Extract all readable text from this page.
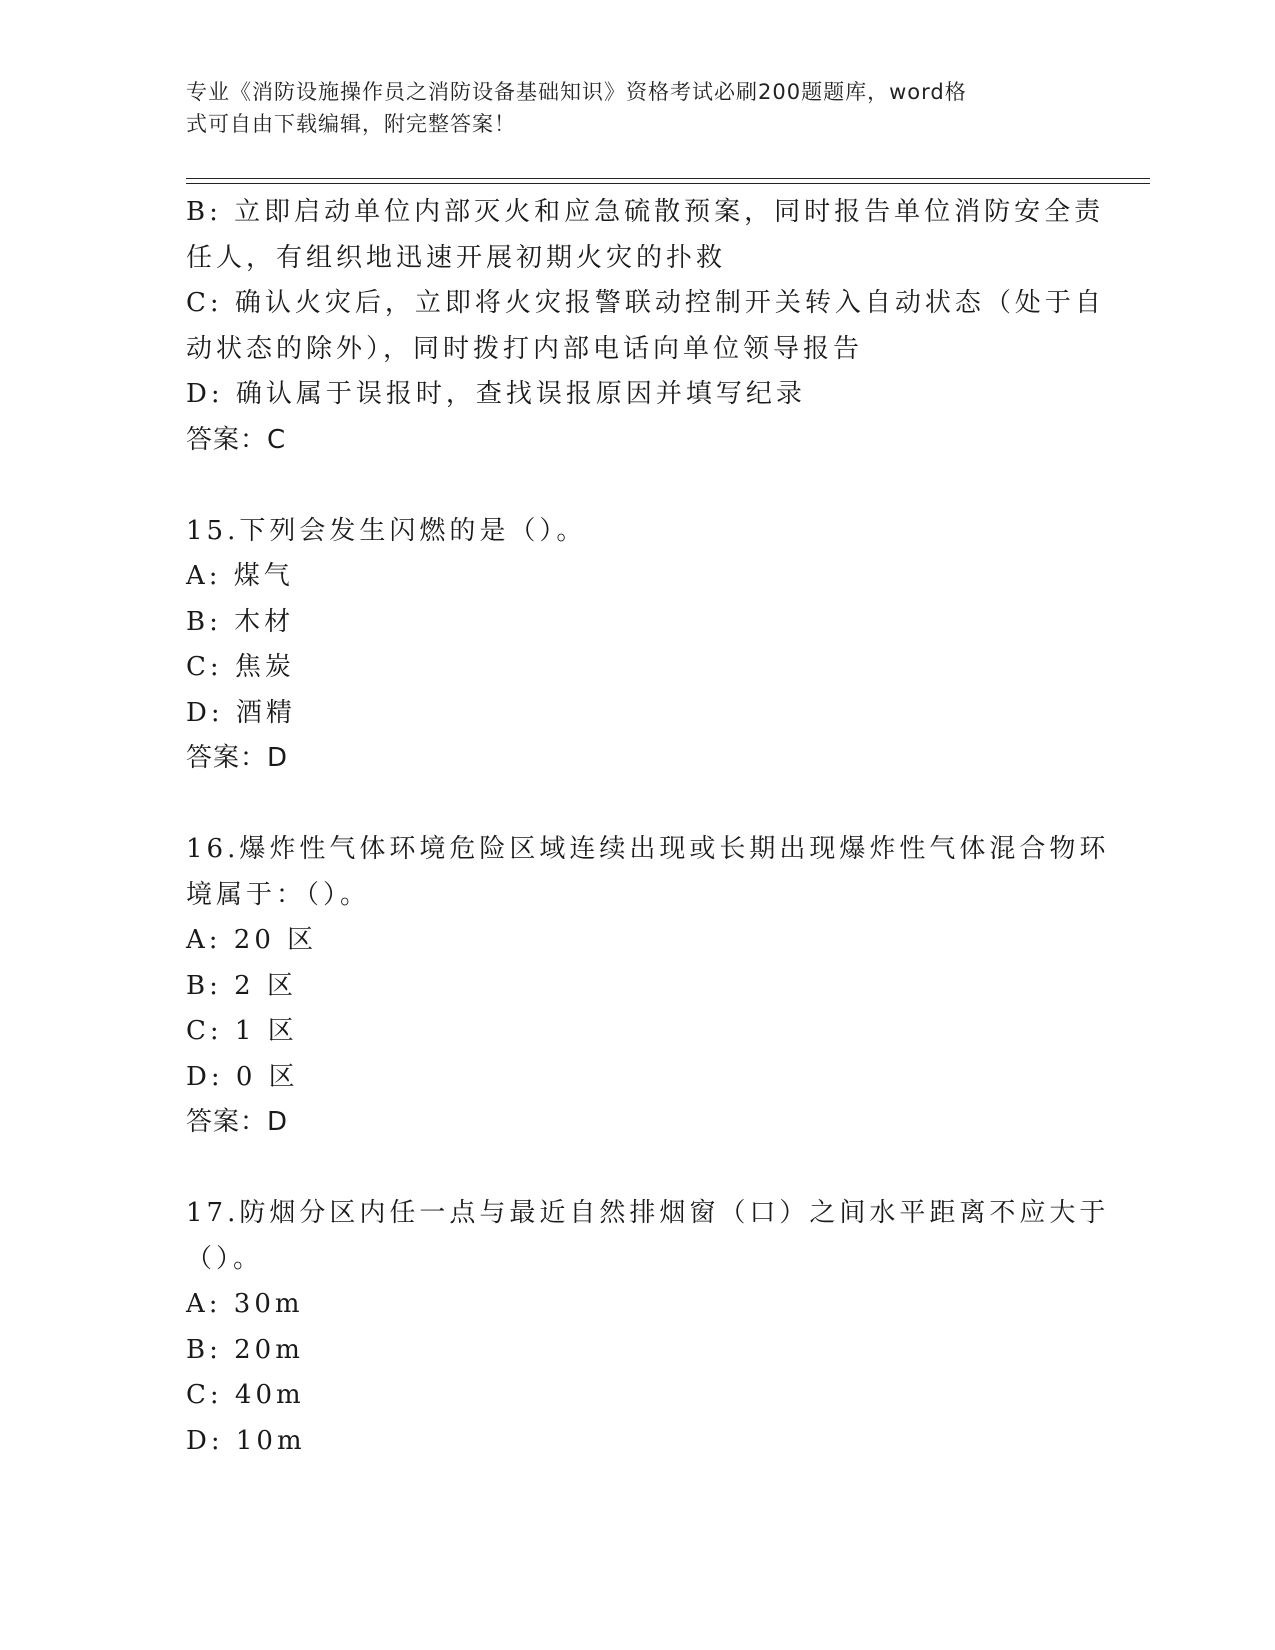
专业《消防设施操作员之消防设备基础知识》资格考试必刷200题题库，word格
式可自由下载编辑，附完整答案！
B: 立即启动单位内部灭火和应急硫散预案，同时报告单位消防安全责
任人，有组织地迅速开展初期火灾的扑救
C: 确认火灾后，立即将火灾报警联动控制开关转入自动状态（处于自
动状态的除外），同时拨打内部电话向单位领导报告
D: 确认属于误报时，查找误报原因并填写纪录
答案：C
15.下列会发生闪燃的是（）。
A: 煤气
B: 木材
C: 焦炭
D: 酒精
答案：D
16.爆炸性气体环境危险区域连续出现或长期出现爆炸性气体混合物环
境属于：（）。
A: 20 区
B: 2 区
C: 1 区
D: 0 区
答案：D
17.防烟分区内任一点与最近自然排烟窗（口）之间水平距离不应大于
（）。
A: 30m
B: 20m
C: 40m
D: 10m
